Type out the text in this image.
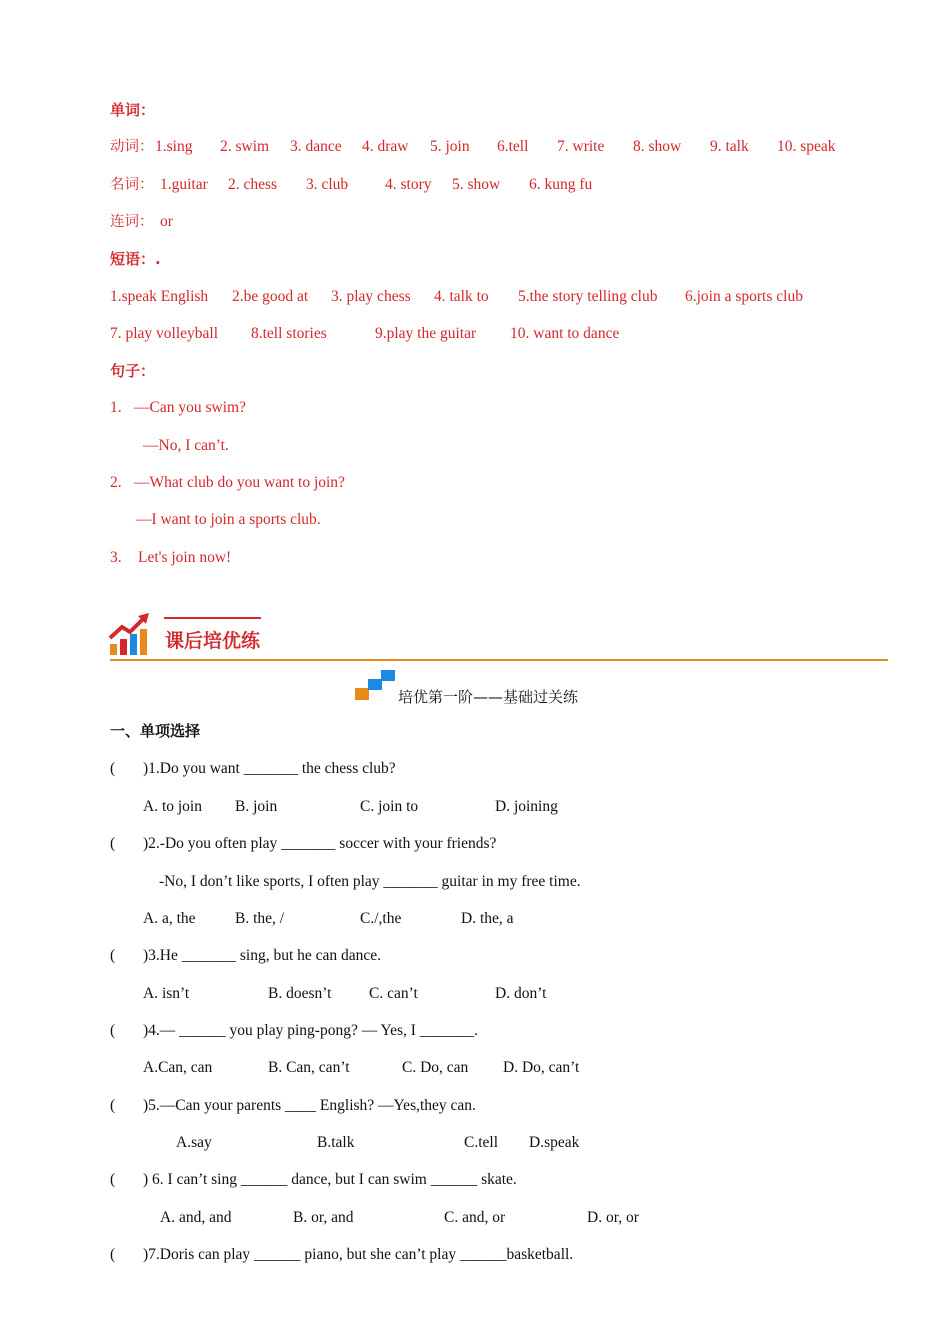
单词：
动词： 1.sing 2. swim 3. dance 4. draw 5. join 6.tell 7. write 8. show 9. talk 10. speak
名词： 1.guitar 2. chess 3. club 4. story 5. show 6. kung fu
连词： or
短语：.
1.speak English 2.be good at 3. play chess 4. talk to 5.the story telling club 6.join a sports club
7. play volleyball 8.tell stories	9.play the guitar 10. want to dance
句子：
1. —Can you swim?
—No, I can’t.
2. —What club do you want to join?
—I want to join a sports club.
3. Let's join now!
课后培优练
培优第一阶——基础过关练
一、单项选择
( )1.Do you want _______ the chess club?
A. to join B. join	C. join to	D. joining
( )2.-Do you often play _______ soccer with your friends?
-No, I don’t like sports, I often play _______ guitar in my free time.
A. a, the	B. the, /	C./,the	D. the, a
( )3.He _______ sing, but he can dance.
A. isn’t	B. doesn’t C. can’t	D. don’t
( )4.— ______ you play ping-pong? — Yes, I _______.
A.Can, can	B. Can, can’t	C. Do, can D. Do, can’t
( )5.—Can your parents ____ English? —Yes,they can.
A.say	B.talk	C.tell D.speak
( ) 6. I can’t sing ______ dance, but I can swim ______ skate.
A. and, and	B. or, and	C. and, or	D. or, or
( )7.Doris can play ______ piano, but she can’t play ______basketball.
